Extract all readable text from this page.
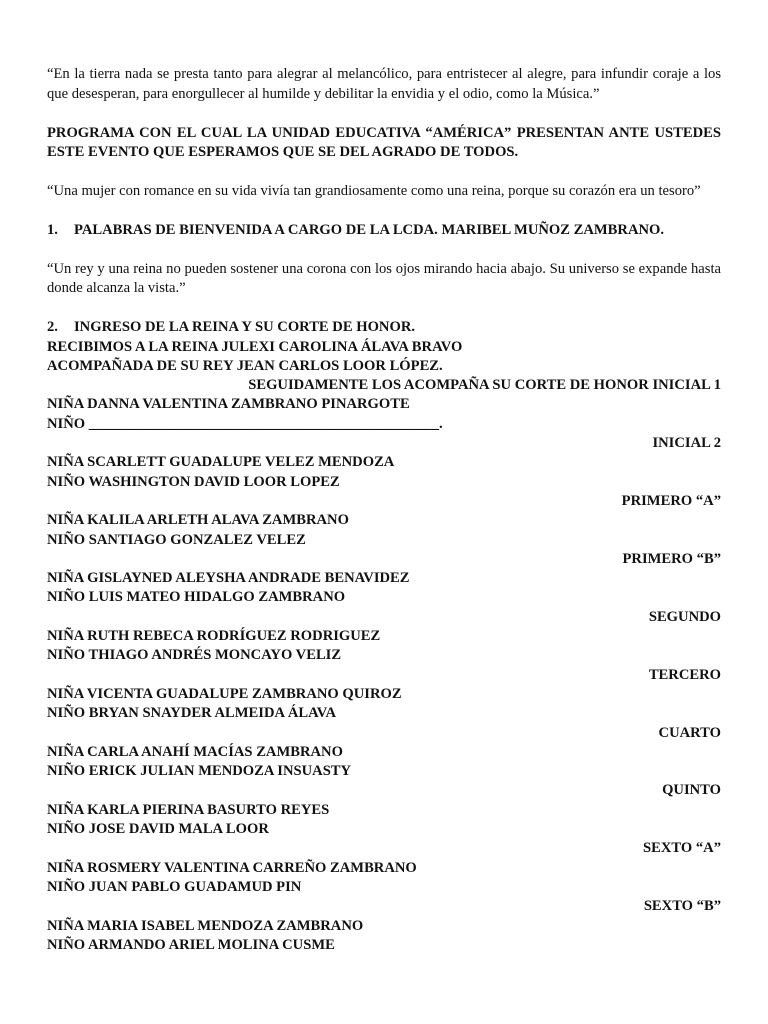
“En la tierra nada se presta tanto para alegrar al melancólico, para entristecer al alegre, para infundir coraje a los que desesperan, para enorgullecer al humilde y debilitar la envidia y el odio, como la Música.”

PROGRAMA CON EL CUAL LA UNIDAD EDUCATIVA “AMÉRICA” PRESENTAN ANTE USTEDES ESTE EVENTO QUE ESPERAMOS QUE SE DEL AGRADO DE TODOS.

“Una mujer con romance en su vida vivía tan grandiosamente como una reina, porque su corazón era un tesoro”

1. PALABRAS DE BIENVENIDA A CARGO DE LA LCDA. MARIBEL MUÑOZ ZAMBRANO.

“Un rey y una reina no pueden sostener una corona con los ojos mirando hacia abajo. Su universo se expande hasta donde alcanza la vista.”

2. INGRESO DE LA REINA Y SU CORTE DE HONOR.
RECIBIMOS A LA REINA JULEXI CAROLINA ÁLAVA BRAVO
ACOMPAÑADA DE SU REY JEAN CARLOS LOOR LÓPEZ.
SEGUIDAMENTE LOS ACOMPAÑA SU CORTE DE HONOR INICIAL 1
NIÑA DANNA VALENTINA ZAMBRANO PINARGOTE
NIÑO ________________________________________________.
INICIAL 2
NIÑA SCARLETT GUADALUPE VELEZ MENDOZA
NIÑO WASHINGTON DAVID LOOR LOPEZ
PRIMERO “A”
NIÑA KALILA ARLETH ALAVA ZAMBRANO
NIÑO SANTIAGO GONZALEZ VELEZ
PRIMERO “B”
NIÑA GISLAYNED ALEYSHA ANDRADE BENAVIDEZ
NIÑO LUIS MATEO HIDALGO ZAMBRANO
SEGUNDO
NIÑA RUTH REBECA RODRÍGUEZ RODRIGUEZ
NIÑO THIAGO ANDRÉS MONCAYO VELIZ
TERCERO
NIÑA VICENTA GUADALUPE ZAMBRANO QUIROZ
NIÑO BRYAN SNAYDER ALMEIDA ÁLAVA
CUARTO
NIÑA CARLA ANAHÍ MACÍAS ZAMBRANO
NIÑO ERICK JULIAN MENDOZA INSUASTY
QUINTO
NIÑA KARLA PIERINA BASURTO REYES
NIÑO JOSE DAVID MALA LOOR
SEXTO “A”
NIÑA ROSMERY VALENTINA CARREÑO ZAMBRANO
NIÑO JUAN PABLO GUADAMUD PIN
SEXTO “B”
NIÑA MARIA ISABEL MENDOZA ZAMBRANO
NIÑO ARMANDO ARIEL MOLINA CUSME
